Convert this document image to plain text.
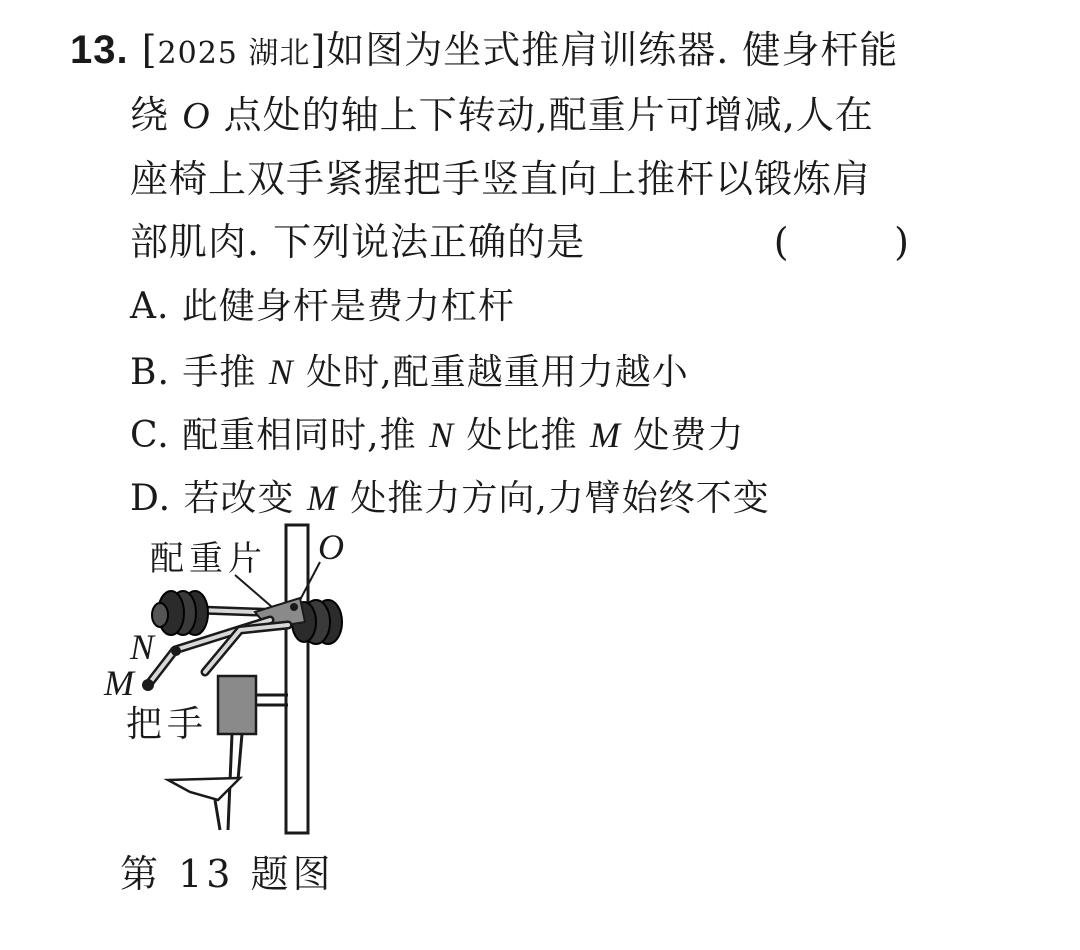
13. [2025 湖北]如图为坐式推肩训练器. 健身杆能
绕 O 点处的轴上下转动,配重片可增减,人在
座椅上双手紧握把手竖直向上推杆以锻炼肩
部肌肉. 下列说法正确的是	(        )
A. 此健身杆是费力杠杆
B. 手推 N 处时,配重越重用力越小
C. 配重相同时,推 N 处比推 M 处费力
D. 若改变 M 处推力方向,力臂始终不变
配重片 O
N
M
把手
第 13 题图
